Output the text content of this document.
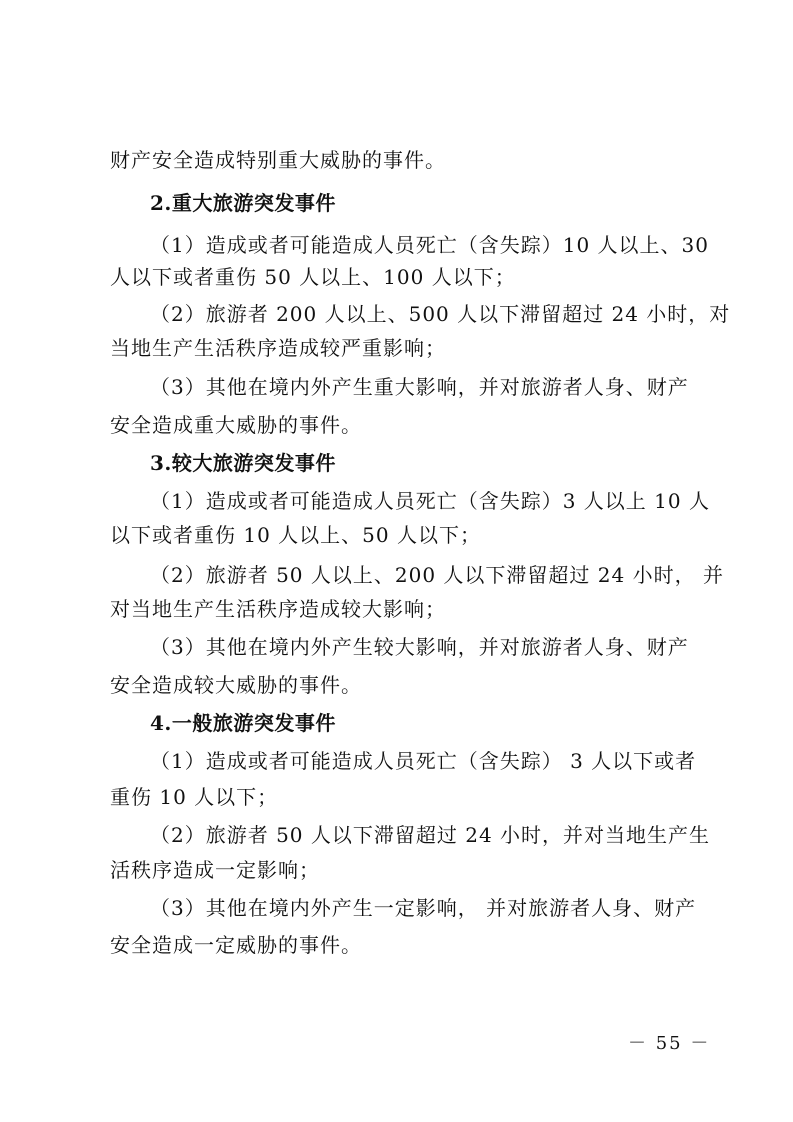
财产安全造成特别重大威胁的事件。
2.重大旅游突发事件
（1）造成或者可能造成人员死亡（含失踪）10 人以上、30
人以下或者重伤 50 人以上、100 人以下；
（2）旅游者 200 人以上、500 人以下滞留超过 24 小时，对
当地生产生活秩序造成较严重影响；
（3）其他在境内外产生重大影响，并对旅游者人身、财产
安全造成重大威胁的事件。
3.较大旅游突发事件
（1）造成或者可能造成人员死亡（含失踪）3 人以上 10 人
以下或者重伤 10 人以上、50 人以下；
（2）旅游者 50 人以上、200 人以下滞留超过 24 小时， 并
对当地生产生活秩序造成较大影响；
（3）其他在境内外产生较大影响，并对旅游者人身、财产
安全造成较大威胁的事件。
4.一般旅游突发事件
（1）造成或者可能造成人员死亡（含失踪） 3 人以下或者
重伤 10 人以下；
（2）旅游者 50 人以下滞留超过 24 小时，并对当地生产生
活秩序造成一定影响；
（3）其他在境内外产生一定影响， 并对旅游者人身、财产
安全造成一定威胁的事件。
－ 55 －
